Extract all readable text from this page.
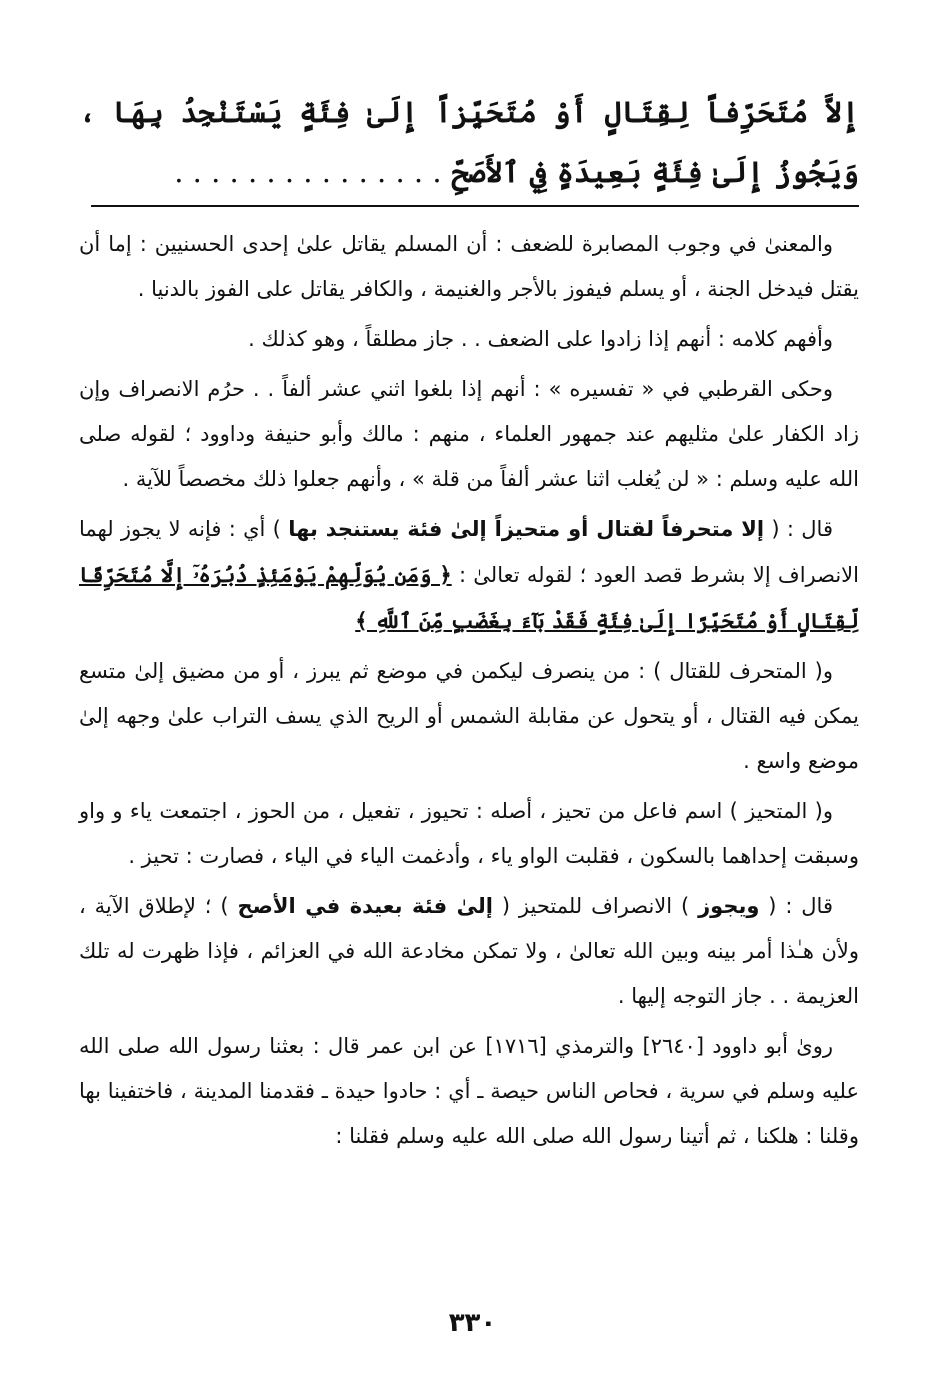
إِلاَّ مُتَحَرِّفاً لِقِتَالٍ أَوْ مُتَحَيِّزاً إِلَىٰ فِئَةٍ يَسْتَنْجِدُ بِهَا ، وَيَجُوزُ إِلَىٰ فِئَةٍ بَعِيدَةٍ فِي ٱلأَصَحِّ . . . . . . . . . . . . . . .

والمعنىٰ في وجوب المصابرة للضعف : أن المسلم يقاتل علىٰ إحدى الحسنيين : إما أن يقتل فيدخل الجنة ، أو يسلم فيفوز بالأجر والغنيمة ، والكافر يقاتل على الفوز بالدنيا .

وأفهم كلامه : أنهم إذا زادوا على الضعف . . جاز مطلقاً ، وهو كذلك .

وحكى القرطبي في « تفسيره » : أنهم إذا بلغوا اثني عشر ألفاً . . حرُم الانصراف وإن زاد الكفار علىٰ مثليهم عند جمهور العلماء ، منهم : مالك وأبو حنيفة وداوود ؛ لقوله صلى الله عليه وسلم : « لن يُغلب اثنا عشر ألفاً من قلة » ، وأنهم جعلوا ذلك مخصصاً للآية .

قال : ( إلا متحرفاً لقتال أو متحيزاً إلىٰ فئة يستنجد بها ) أي : فإنه لا يجوز لهما الانصراف إلا بشرط قصد العود ؛ لقوله تعالىٰ : ﴿ وَمَن يُوَلِّهِمْ يَوْمَئِذٍ دُبُرَهُۥٓ إِلَّا مُتَحَرِّفًا لِّقِتَالٍ أَوْ مُتَحَيِّزًا إِلَىٰ فِئَةٍ فَقَدْ بَآءَ بِغَضَبٍ مِّنَ ٱللَّهِ ﴾

و( المتحرف للقتال ) : من ينصرف ليكمن في موضع ثم يبرز ، أو من مضيق إلىٰ متسع يمكن فيه القتال ، أو يتحول عن مقابلة الشمس أو الريح الذي يسف التراب علىٰ وجهه إلىٰ موضع واسع .

و( المتحيز ) اسم فاعل من تحيز ، أصله : تحيوز ، تفعيل ، من الحوز ، اجتمعت ياء و واو وسبقت إحداهما بالسكون ، فقلبت الواو ياء ، وأدغمت الياء في الياء ، فصارت : تحيز .

قال : ( ويجوز ) الانصراف للمتحيز ( إلىٰ فئة بعيدة في الأصح ) ؛ لإطلاق الآية ، ولأن هـٰذا أمر بينه وبين الله تعالىٰ ، ولا تمكن مخادعة الله في العزائم ، فإذا ظهرت له تلك العزيمة . . جاز التوجه إليها .

روىٰ أبو داوود [٢٦٤٠] والترمذي [١٧١٦] عن ابن عمر قال : بعثنا رسول الله صلى الله عليه وسلم في سرية ، فحاص الناس حيصة ـ أي : حادوا حيدة ـ فقدمنا المدينة ، فاختفينا بها وقلنا : هلكنا ، ثم أتينا رسول الله صلى الله عليه وسلم فقلنا :

٣٣٠
